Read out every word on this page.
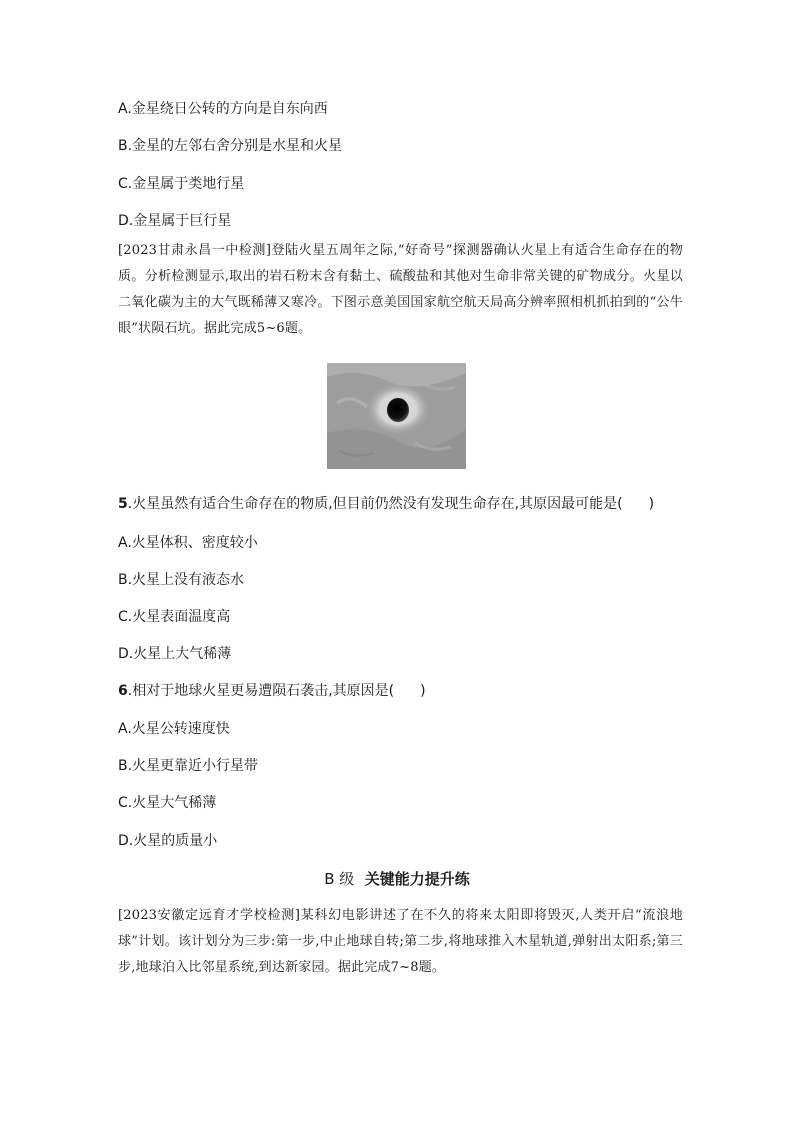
A.金星绕日公转的方向是自东向西
B.金星的左邻右舍分别是水星和火星
C.金星属于类地行星
D.金星属于巨行星
[2023甘肃永昌一中检测]登陆火星五周年之际,“好奇号”探测器确认火星上有适合生命存在的物质。分析检测显示,取出的岩石粉末含有黏土、硫酸盐和其他对生命非常关键的矿物成分。火星以二氧化碳为主的大气既稀薄又寒冷。下图示意美国国家航空航天局高分辨率照相机抓拍到的“公牛眼”状陨石坑。据此完成5~6题。
5.火星虽然有适合生命存在的物质,但目前仍然没有发现生命存在,其原因最可能是( )
A.火星体积、密度较小
B.火星上没有液态水
C.火星表面温度高
D.火星上大气稀薄
6.相对于地球火星更易遭陨石袭击,其原因是( )
A.火星公转速度快
B.火星更靠近小行星带
C.火星大气稀薄
D.火星的质量小
B 级 关键能力提升练
[2023安徽定远育才学校检测]某科幻电影讲述了在不久的将来太阳即将毁灭,人类开启“流浪地球”计划。该计划分为三步:第一步,中止地球自转;第二步,将地球推入木星轨道,弹射出太阳系;第三步,地球泊入比邻星系统,到达新家园。据此完成7~8题。
